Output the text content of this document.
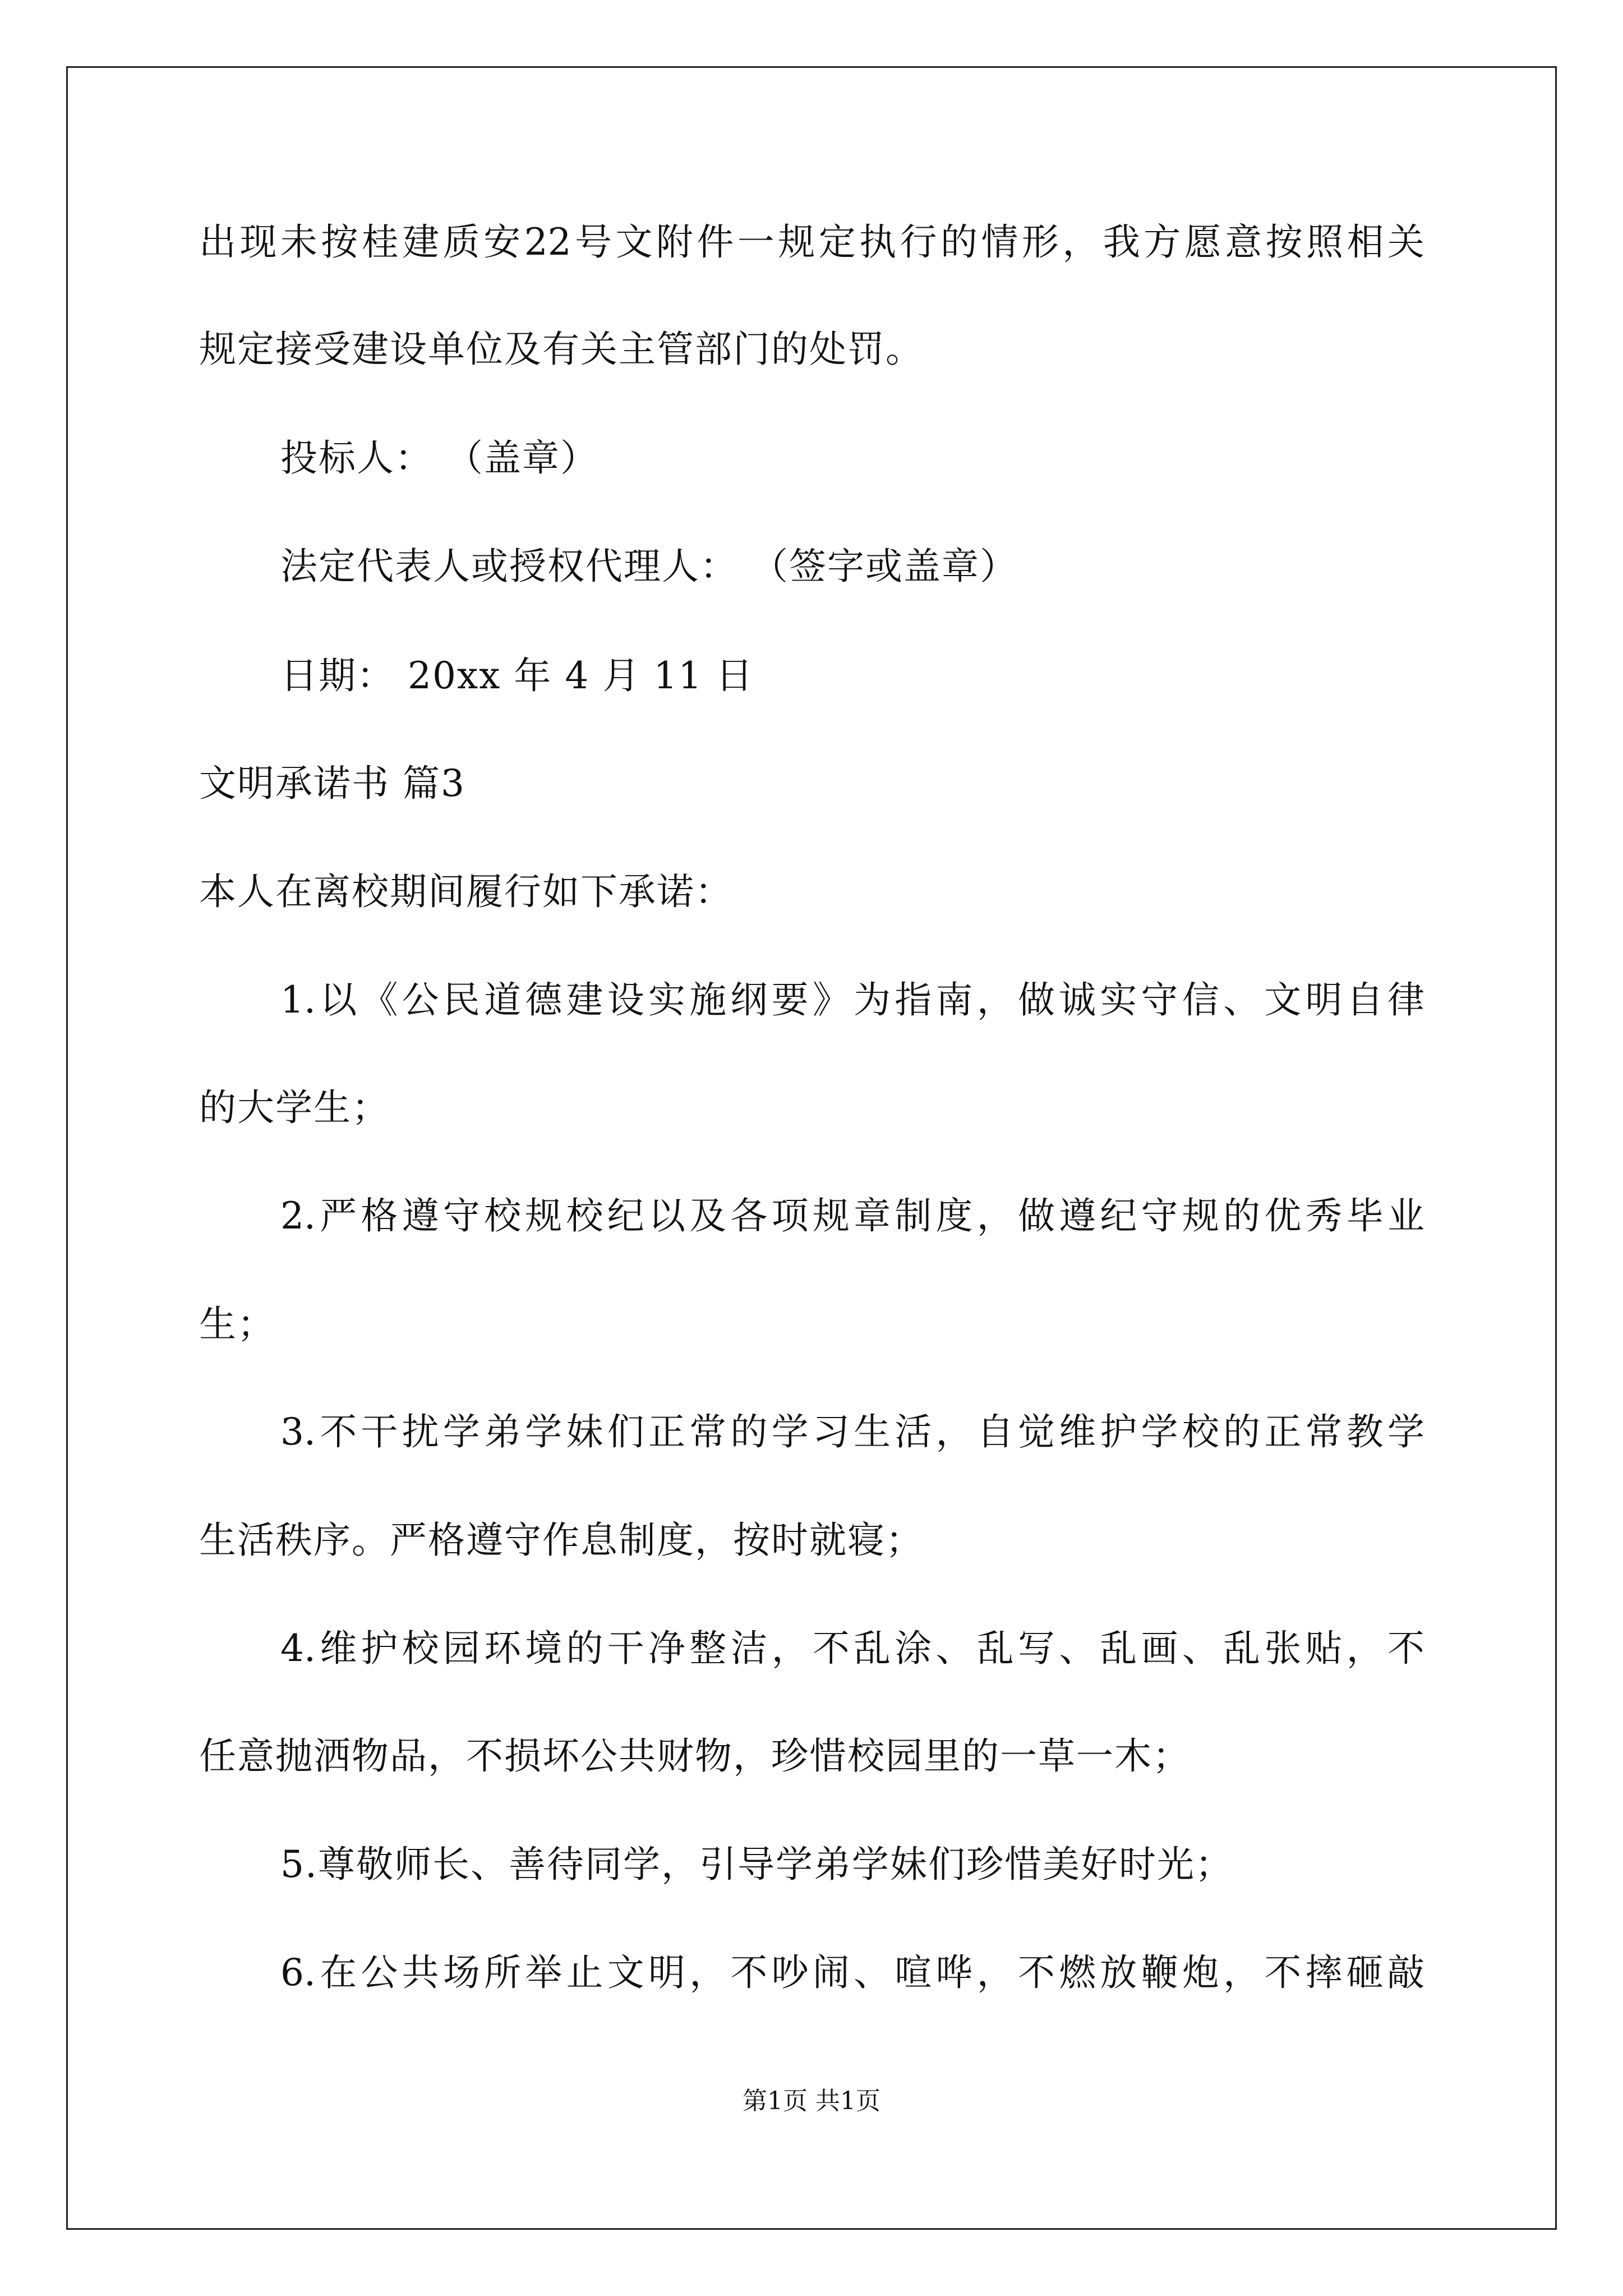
出现未按桂建质安22号文附件一规定执行的情形，我方愿意按照相关
规定接受建设单位及有关主管部门的处罚。
投标人： （盖章）
法定代表人或授权代理人： （签字或盖章）
日期： 20xx 年 4 月 11 日
文明承诺书 篇3
本人在离校期间履行如下承诺：
1.以《公民道德建设实施纲要》为指南，做诚实守信、文明自律
的大学生；
2.严格遵守校规校纪以及各项规章制度，做遵纪守规的优秀毕业
生；
3.不干扰学弟学妹们正常的学习生活，自觉维护学校的正常教学
生活秩序。严格遵守作息制度，按时就寝；
4.维护校园环境的干净整洁，不乱涂、乱写、乱画、乱张贴，不
任意抛洒物品，不损坏公共财物，珍惜校园里的一草一木；
5.尊敬师长、善待同学，引导学弟学妹们珍惜美好时光；
6.在公共场所举止文明，不吵闹、喧哗，不燃放鞭炮，不摔砸敲
第1页 共1页
